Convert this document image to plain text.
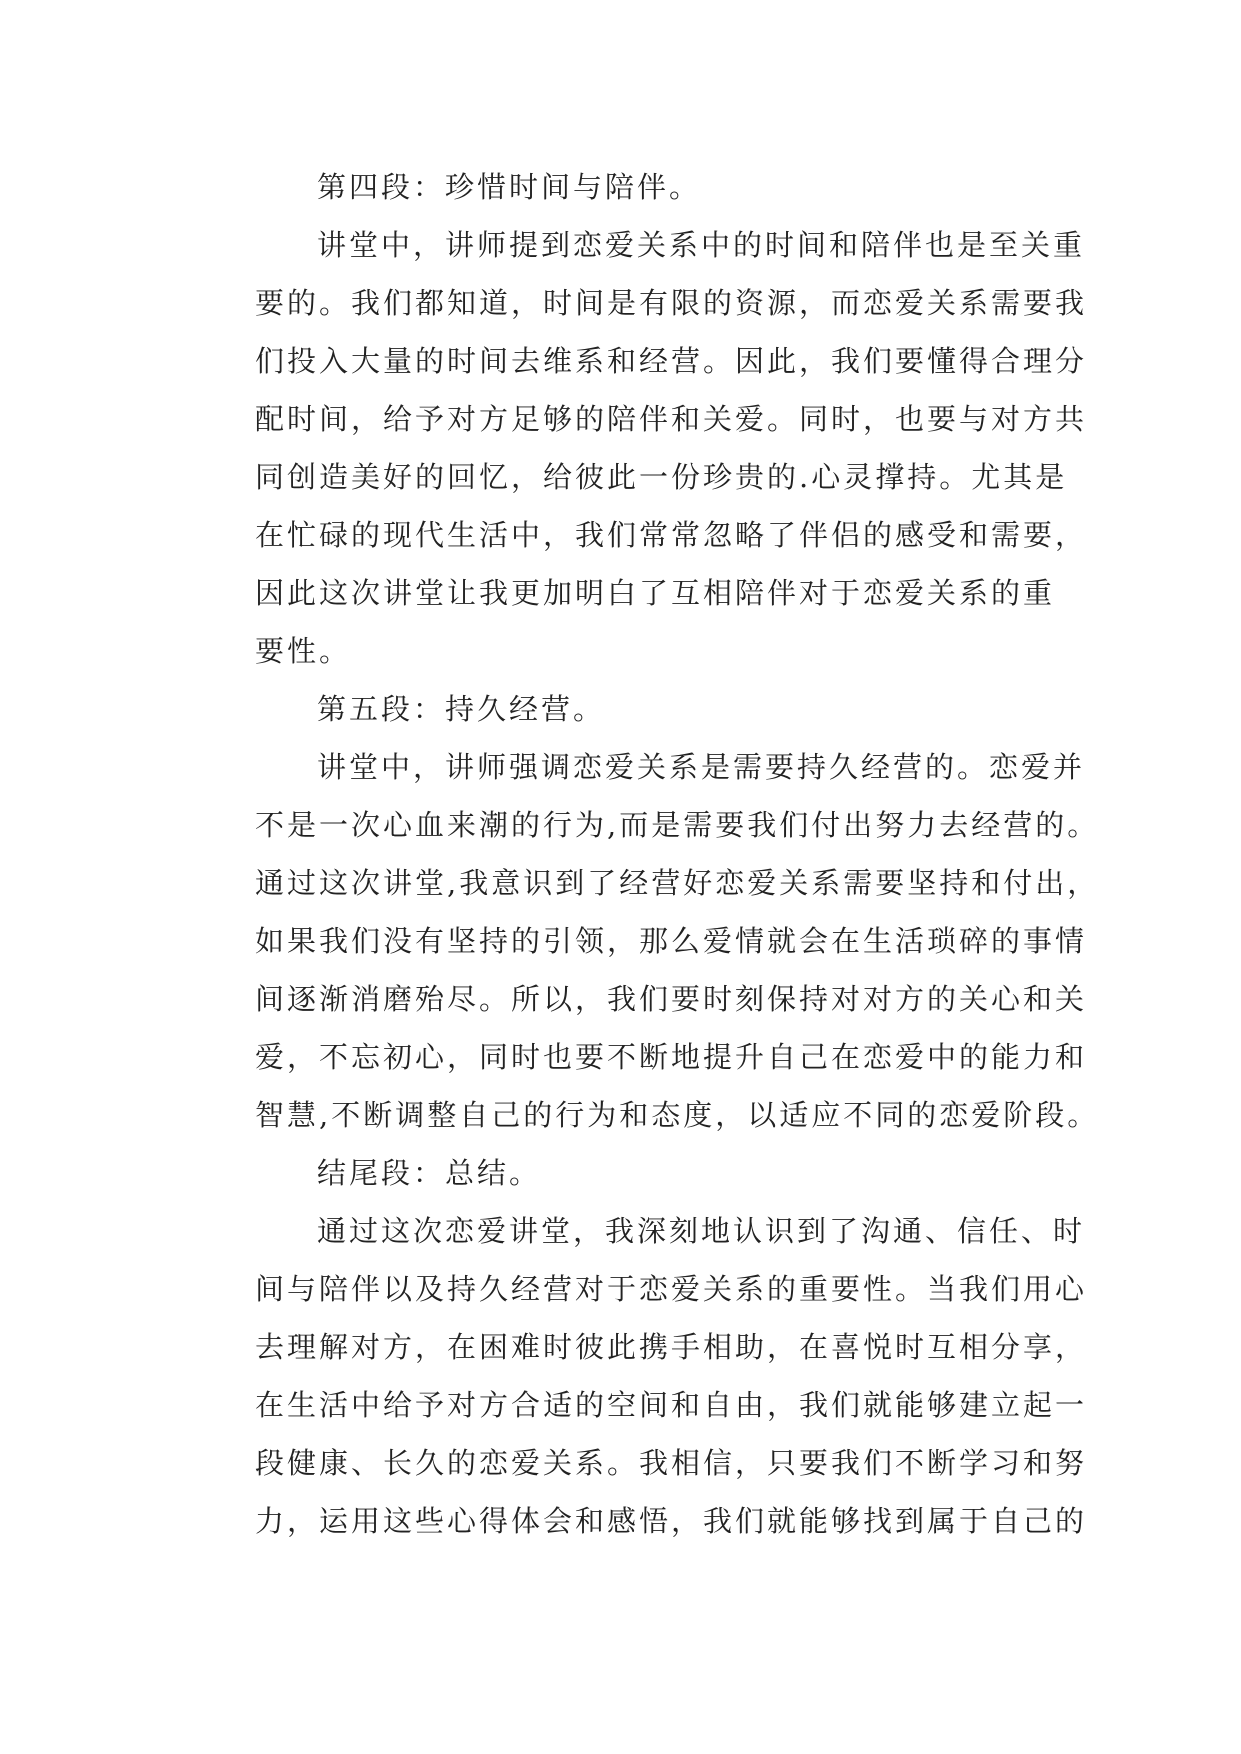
第四段：珍惜时间与陪伴。
讲堂中，讲师提到恋爱关系中的时间和陪伴也是至关重
要的。我们都知道，时间是有限的资源，而恋爱关系需要我
们投入大量的时间去维系和经营。因此，我们要懂得合理分
配时间，给予对方足够的陪伴和关爱。同时，也要与对方共
同创造美好的回忆，给彼此一份珍贵的.心灵撑持。尤其是
在忙碌的现代生活中，我们常常忽略了伴侣的感受和需要，
因此这次讲堂让我更加明白了互相陪伴对于恋爱关系的重
要性。
第五段：持久经营。
讲堂中，讲师强调恋爱关系是需要持久经营的。恋爱并
不是一次心血来潮的行为,而是需要我们付出努力去经营的。
通过这次讲堂,我意识到了经营好恋爱关系需要坚持和付出，
如果我们没有坚持的引领，那么爱情就会在生活琐碎的事情
间逐渐消磨殆尽。所以，我们要时刻保持对对方的关心和关
爱，不忘初心，同时也要不断地提升自己在恋爱中的能力和
智慧,不断调整自己的行为和态度，以适应不同的恋爱阶段。
结尾段：总结。
通过这次恋爱讲堂，我深刻地认识到了沟通、信任、时
间与陪伴以及持久经营对于恋爱关系的重要性。当我们用心
去理解对方，在困难时彼此携手相助，在喜悦时互相分享，
在生活中给予对方合适的空间和自由，我们就能够建立起一
段健康、长久的恋爱关系。我相信，只要我们不断学习和努
力，运用这些心得体会和感悟，我们就能够找到属于自己的
